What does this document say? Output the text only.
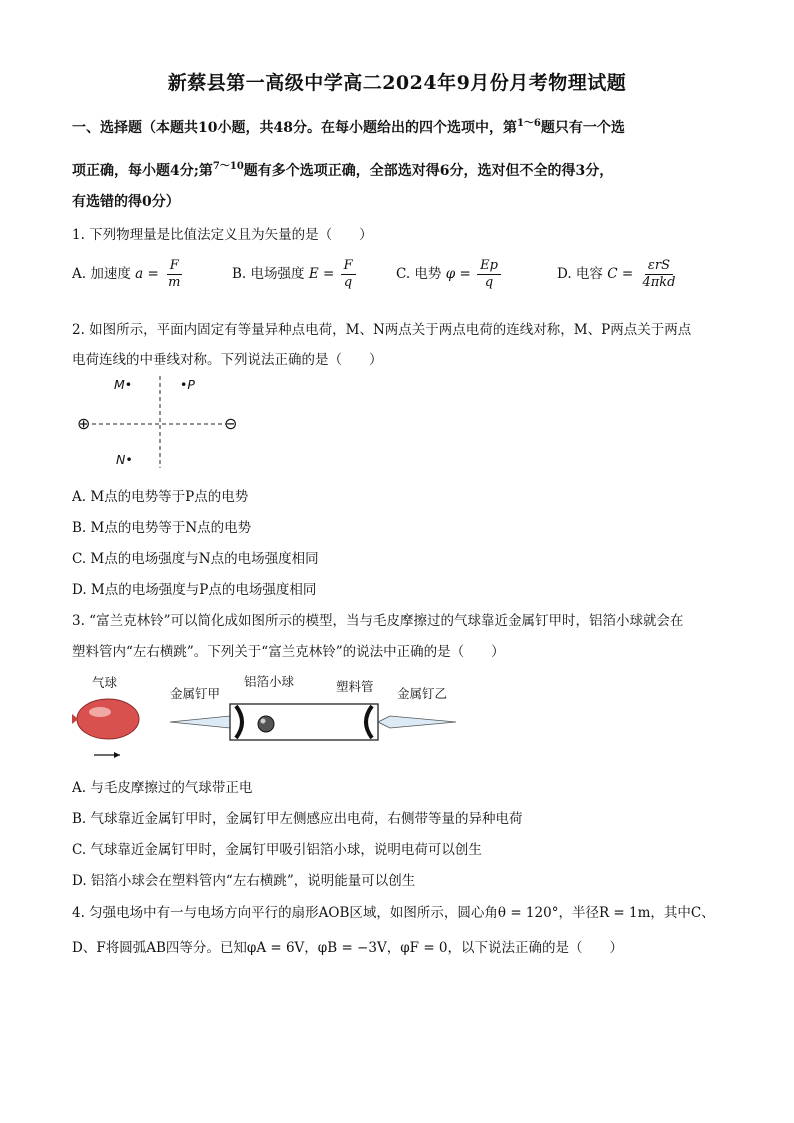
新蔡县第一高级中学高二2024年9月份月考物理试题
一、选择题（本题共10小题，共48分。在每小题给出的四个选项中，第$^{1\sim 6}$题只有一个选
项正确，每小题4分;第$^{7\sim 10}$题有多个选项正确，全部选对得6分，选对但不全的得3分，
有选错的得0分）
1. 下列物理量是比值法定义且为矢量的是（　　）
A. 加速度 $a = \frac{F}{m}$	B. 电场强度 $E = \frac{F}{q}$	C. 电势 $\varphi = \frac{Ep}{q}$	D. 电容 $C = \frac{\text{εrS}}{\text{4πkd}}$
2. 如图所示，平面内固定有等量异种点电荷，M、N两点关于两点电荷的连线对称，M、P两点关于两点
电荷连线的中垂线对称。下列说法正确的是（　　）
M•	•P
⊕	⊖
N•
A. M点的电势等于P点的电势
B. M点的电势等于N点的电势
C. M点的电场强度与N点的电场强度相同
D. M点的电场强度与P点的电场强度相同
3. “富兰克林铃”可以简化成如图所示的模型，当与毛皮摩擦过的气球靠近金属钉甲时，铝箔小球就会在
塑料管内“左右横跳”。下列关于“富兰克林铃”的说法中正确的是（　　）
气球
金属钉甲
铝箔小球	塑料管 金属钉乙
A. 与毛皮摩擦过的气球带正电
B. 气球靠近金属钉甲时，金属钉甲左侧感应出电荷，右侧带等量的异种电荷
C. 气球靠近金属钉甲时，金属钉甲吸引铝箔小球，说明电荷可以创生
D. 铝箔小球会在塑料管内“左右横跳”，说明能量可以创生
4. 匀强电场中有一与电场方向平行的扇形AOB区域，如图所示，圆心角θ = 120°，半径R = 1m，其中C、
D、F将圆弧AB四等分。已知φA = 6V，φB = −3V，φF = 0，以下说法正确的是（　　）
